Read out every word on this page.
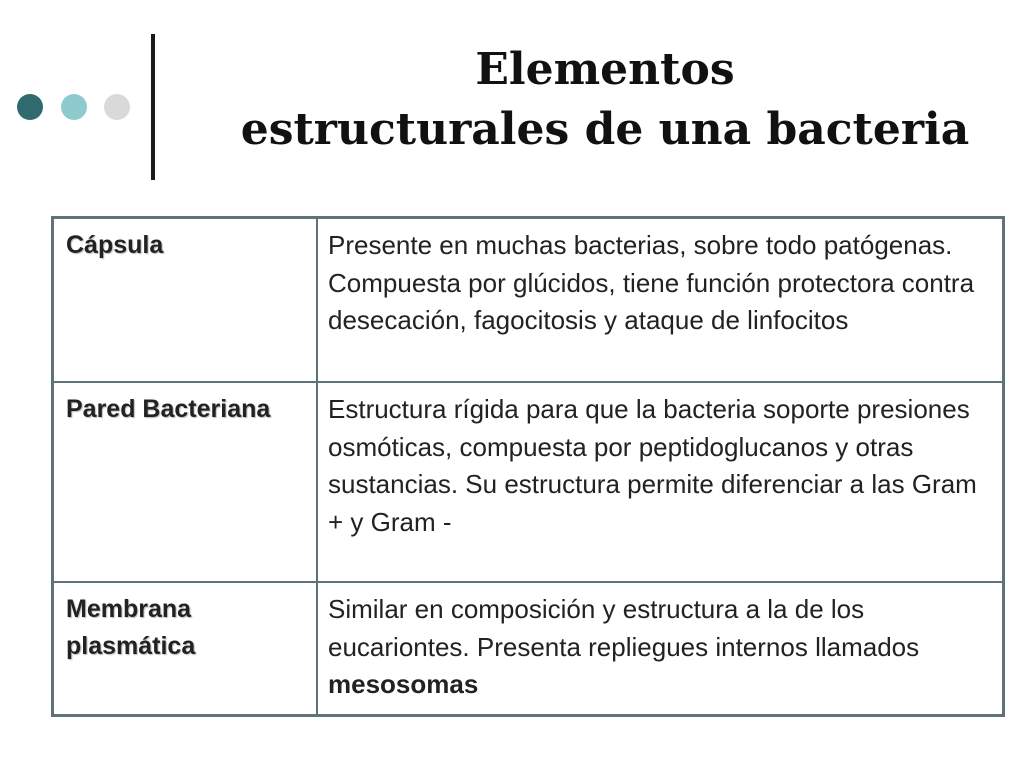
Elementos
estructurales de una bacteria
Cápsula	Presente en muchas bacterias, sobre todo patógenas. Compuesta por glúcidos, tiene función protectora contra desecación, fagocitosis y ataque de linfocitos
Pared Bacteriana	Estructura rígida para que la bacteria soporte presiones osmóticas, compuesta por peptidoglucanos y otras sustancias. Su estructura permite diferenciar a las Gram + y Gram -
Membrana plasmática	Similar en composición y estructura a la de los eucariontes. Presenta repliegues internos llamados mesosomas
